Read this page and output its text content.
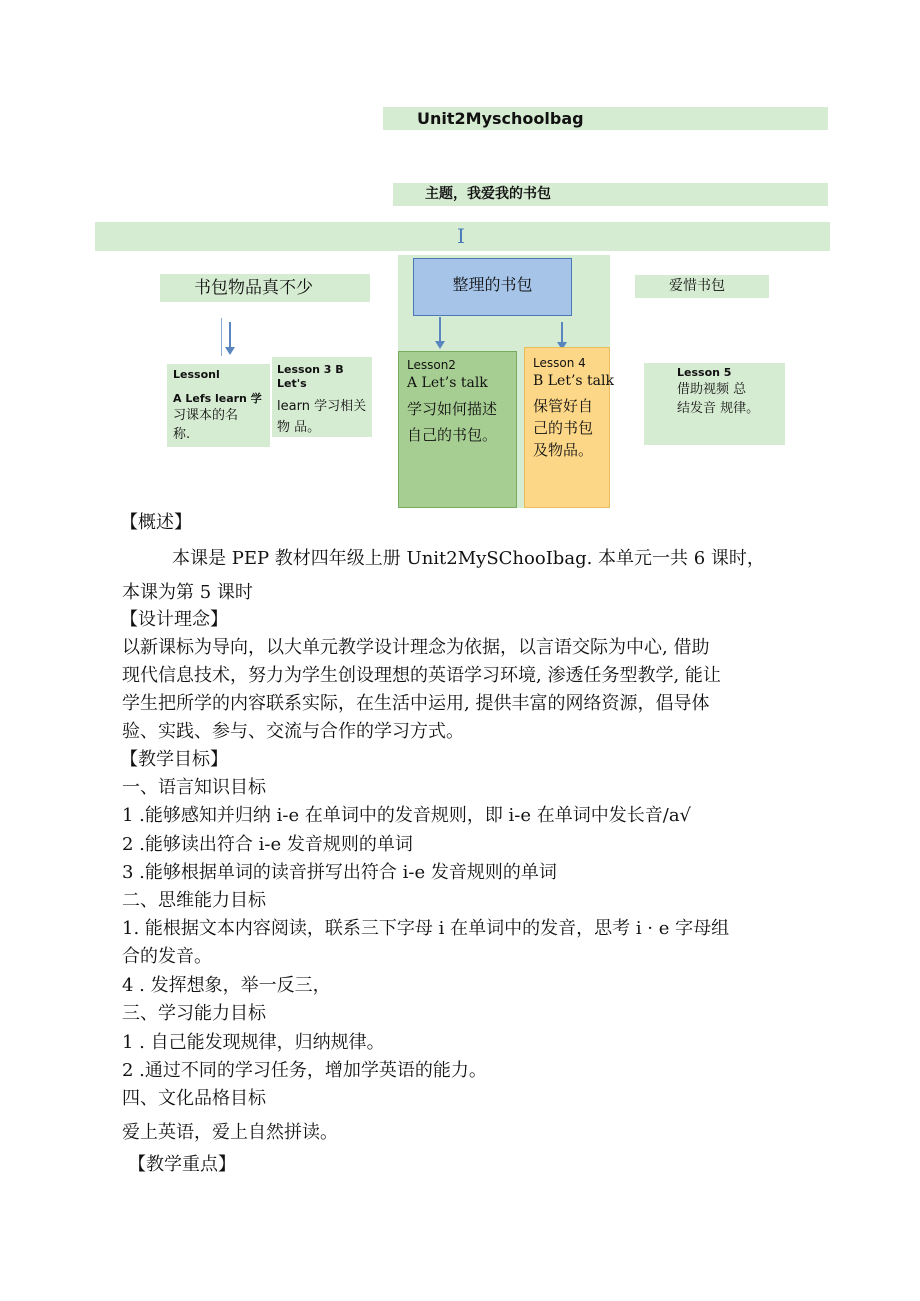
Unit2Myschoolbag
主题，我爱我的书包
I
书包物品真不少
Lessonl
A Lefs learn 学
习课本的名
称.
Lesson 3 B Let's
learn 学习相关
物 品。
整理的书包
Lesson2
A Let’s talk
学习如何描述
自己的书包。
Lesson 4
B Let’s talk
保管好自
己的书包
及物品。
爱惜书包
Lesson 5
借助视频 总
结发音 规律。
【概述】
本课是 PEP 教材四年级上册 Unit2MySChooIbag. 本单元一共 6 课时，
本课为第 5 课时
【设计理念】
以新课标为导向，以大单元教学设计理念为依据，以言语交际为中心, 借助
现代信息技术，努力为学生创设理想的英语学习环境, 渗透任务型教学, 能让
学生把所学的内容联系实际，在生活中运用, 提供丰富的网络资源，倡导体
验、实践、参与、交流与合作的学习方式。
【教学目标】
一、语言知识目标
1 .能够感知并归纳 i-e 在单词中的发音规则，即 i-e 在单词中发长音/a√
2 .能够读出符合 i-e 发音规则的单词
3 .能够根据单词的读音拼写出符合 i-e 发音规则的单词
二、思维能力目标
1. 能根据文本内容阅读，联系三下字母 i 在单词中的发音，思考 i · e 字母组
合的发音。
4 . 发挥想象，举一反三，
三、学习能力目标
1 . 自己能发现规律，归纳规律。
2 .通过不同的学习任务，增加学英语的能力。
四、文化品格目标
爱上英语，爱上自然拼读。
【教学重点】
